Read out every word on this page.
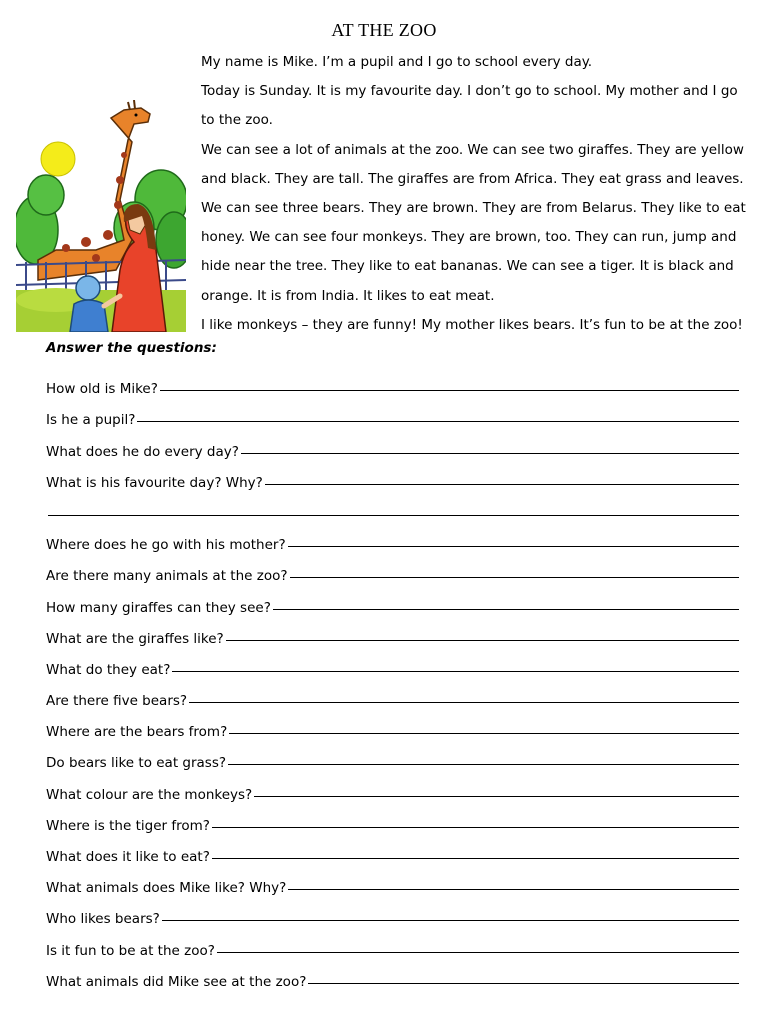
AT THE ZOO

My name is Mike. I’m a pupil and I go to school every day.

Today is Sunday. It is my favourite day. I don’t go to school. My mother and I go

to the zoo.

We can see a lot of animals at the zoo. We can see two giraffes. They are yellow

and black. They are tall. The giraffes are from Africa. They eat grass and leaves.

We can see three bears. They are brown. They are from Belarus. They like to eat

honey. We can see four monkeys. They are brown, too. They can run, jump and

hide near the tree. They like to eat bananas. We can see a tiger. It is black and

orange. It is from India. It likes to eat meat.

I like monkeys – they are funny! My mother likes bears. It’s fun to be at the zoo!

Answer the questions:
How old is Mike?
Is he a pupil?
What does he do every day?
What is his favourite day? Why?
Where does he go with his mother?
Are there many animals at the zoo?
How many giraffes can they see?
What are the giraffes like?
What do they eat?
Are there five bears?
Where are the bears from?
Do bears like to eat grass?
What colour are the monkeys?
Where is the tiger from?
What does it like to eat?
What animals does Mike like? Why?
Who likes bears?
Is it fun to be at the zoo?
What animals did Mike see at the zoo?
